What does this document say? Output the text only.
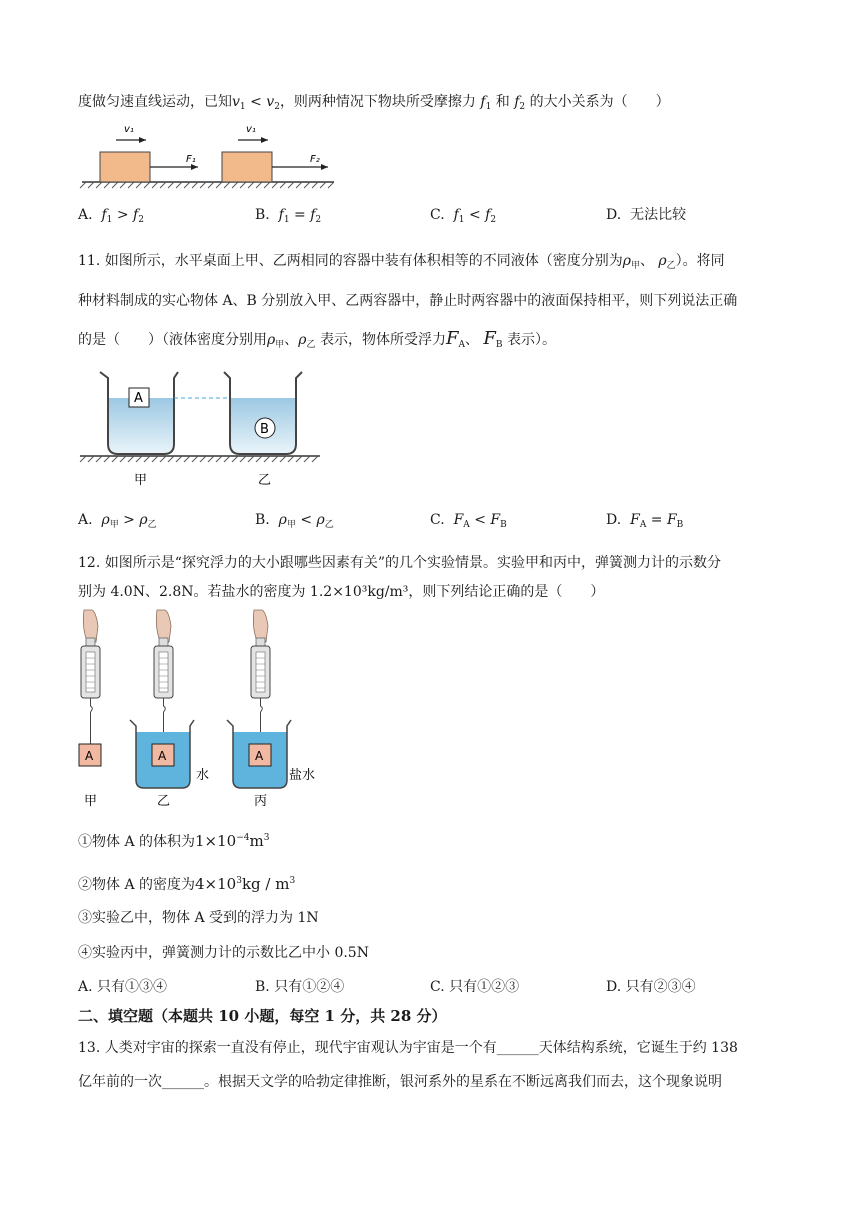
度做匀速直线运动，已知$v_1 < v_2$，则两种情况下物块所受摩擦力 $f_1$ 和 $f_2$ 的大小关系为（　　）
F₁
v₁
F₂
v₁
A. $f_1 > f_2$	B. $f_1 = f_2$	C. $f_1 < f_2$	D. 无法比较
11. 如图所示，水平桌面上甲、乙两相同的容器中装有体积相等的不同液体（密度分别为$\rho_甲$、 $\rho_乙$）。将同
种材料制成的实心物体 A、B 分别放入甲、乙两容器中，静止时两容器中的液面保持相平，则下列说法正确
的是（　　）（液体密度分别用$\rho_甲$、$\rho_乙$ 表示，物体所受浮力$F_A$、 $F_B$ 表示）。
A
B
甲	乙
A. $\rho_甲 > \rho_乙$	B. $\rho_甲 < \rho_乙$	C. $F_A < F_B$	D. $F_A = F_B$
12. 如图所示是“探究浮力的大小跟哪些因素有关”的几个实验情景。实验甲和丙中，弹簧测力计的示数分
别为 4.0N、2.8N。若盐水的密度为 1.2×10³kg/m³，则下列结论正确的是（　　）
A
甲
A
水
乙
A
盐水
丙
①物体 A 的体积为$1\times 10^{-4}m^3$
②物体 A 的密度为$4\times 10^3kg / m^3$
③实验乙中，物体 A 受到的浮力为 1N
④实验丙中，弹簧测力计的示数比乙中小 0.5N
A. 只有①③④	B. 只有①②④	C. 只有①②③	D. 只有②③④
二、填空题（本题共 10 小题，每空 1 分，共 28 分）
13. 人类对宇宙的探索一直没有停止，现代宇宙观认为宇宙是一个有______天体结构系统，它诞生于约 138
亿年前的一次______。根据天文学的哈勃定律推断，银河系外的星系在不断远离我们而去，这个现象说明
